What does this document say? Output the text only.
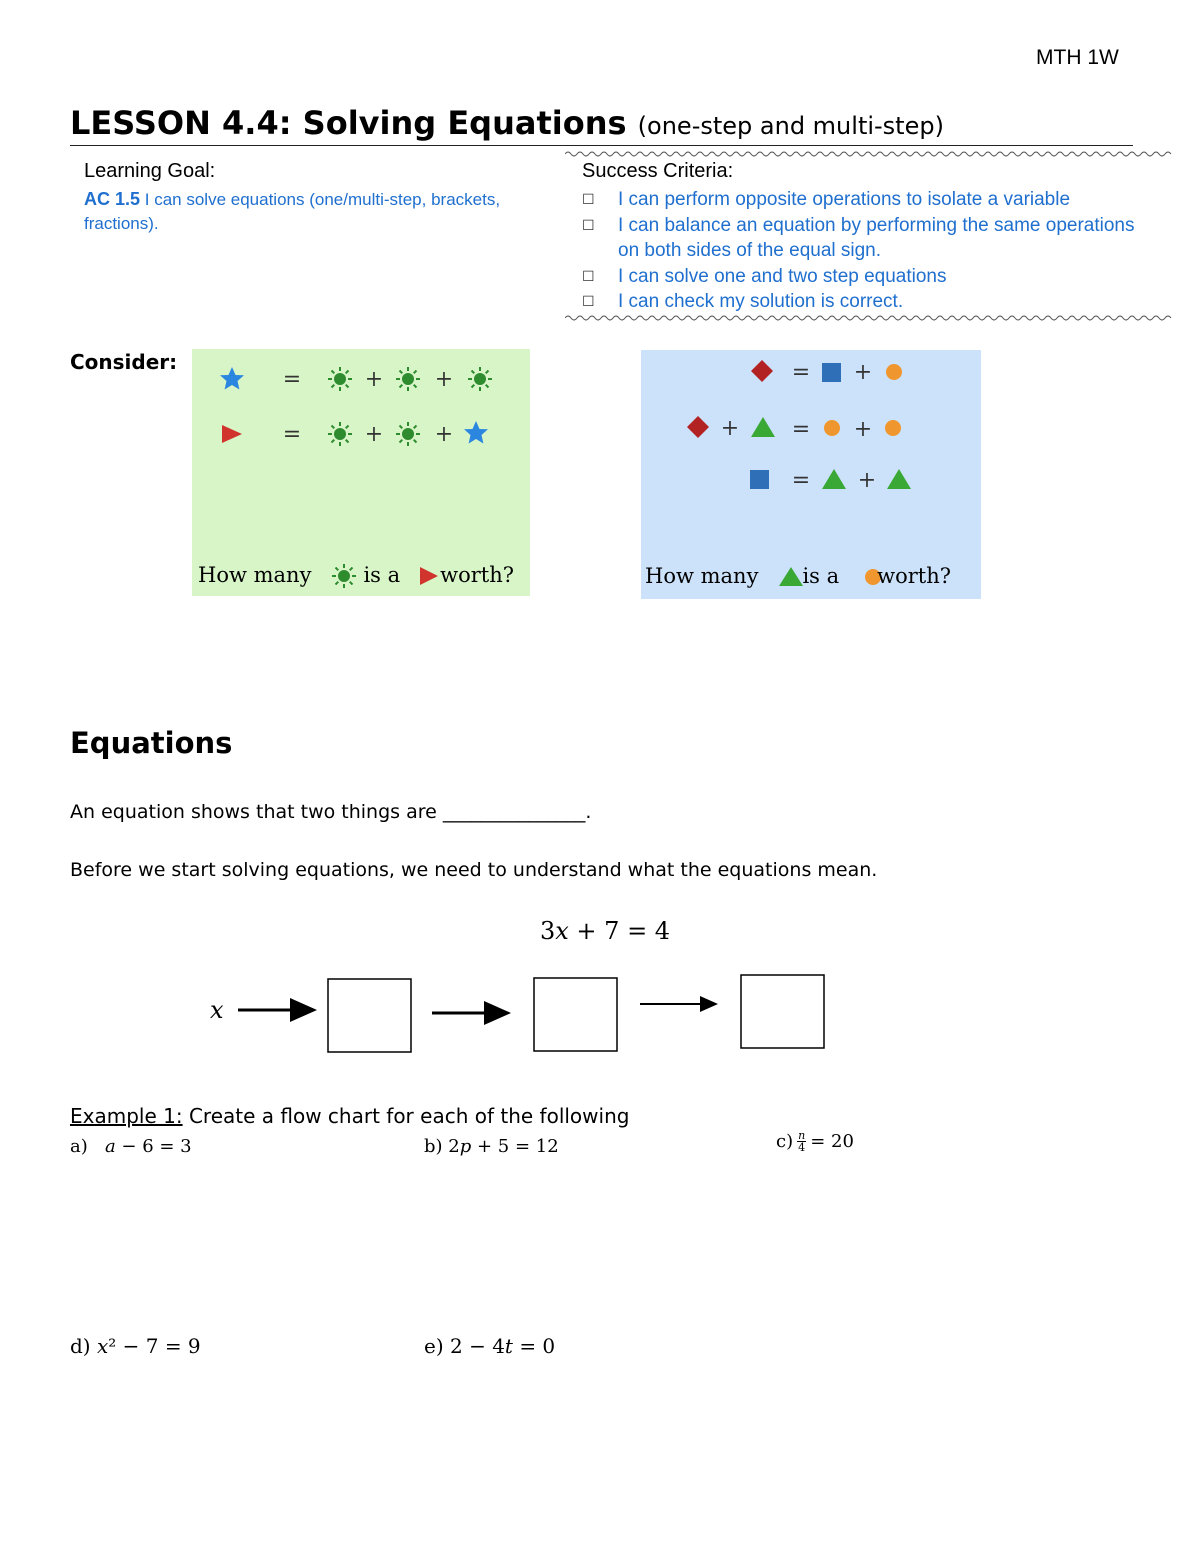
MTH 1W
LESSON 4.4: Solving Equations (one-step and multi-step)
Learning Goal:
AC 1.5 I can solve equations (one/multi-step, brackets, fractions).
Success Criteria:
☐	I can perform opposite operations to isolate a variable
☐	I can balance an equation by performing the same operations on both sides of the equal sign.
☐	I can solve one and two step equations
☐	I can check my solution is correct.
Consider:
=	+ +
=	+ +
How many is a worth?
= +
+ = +
= +
How many is a worth?
Equations
An equation shows that two things are _______________.
Before we start solving equations, we need to understand what the equations mean.
3𝑥 + 7 = 4
𝑥
Example 1: Create a flow chart for each of the following
a) 𝑎 − 6 = 3	b) 2𝑝 + 5 = 12	c) 𝑛
4 = 20
d) 𝑥² − 7 = 9	e) 2 − 4𝑡 = 0
